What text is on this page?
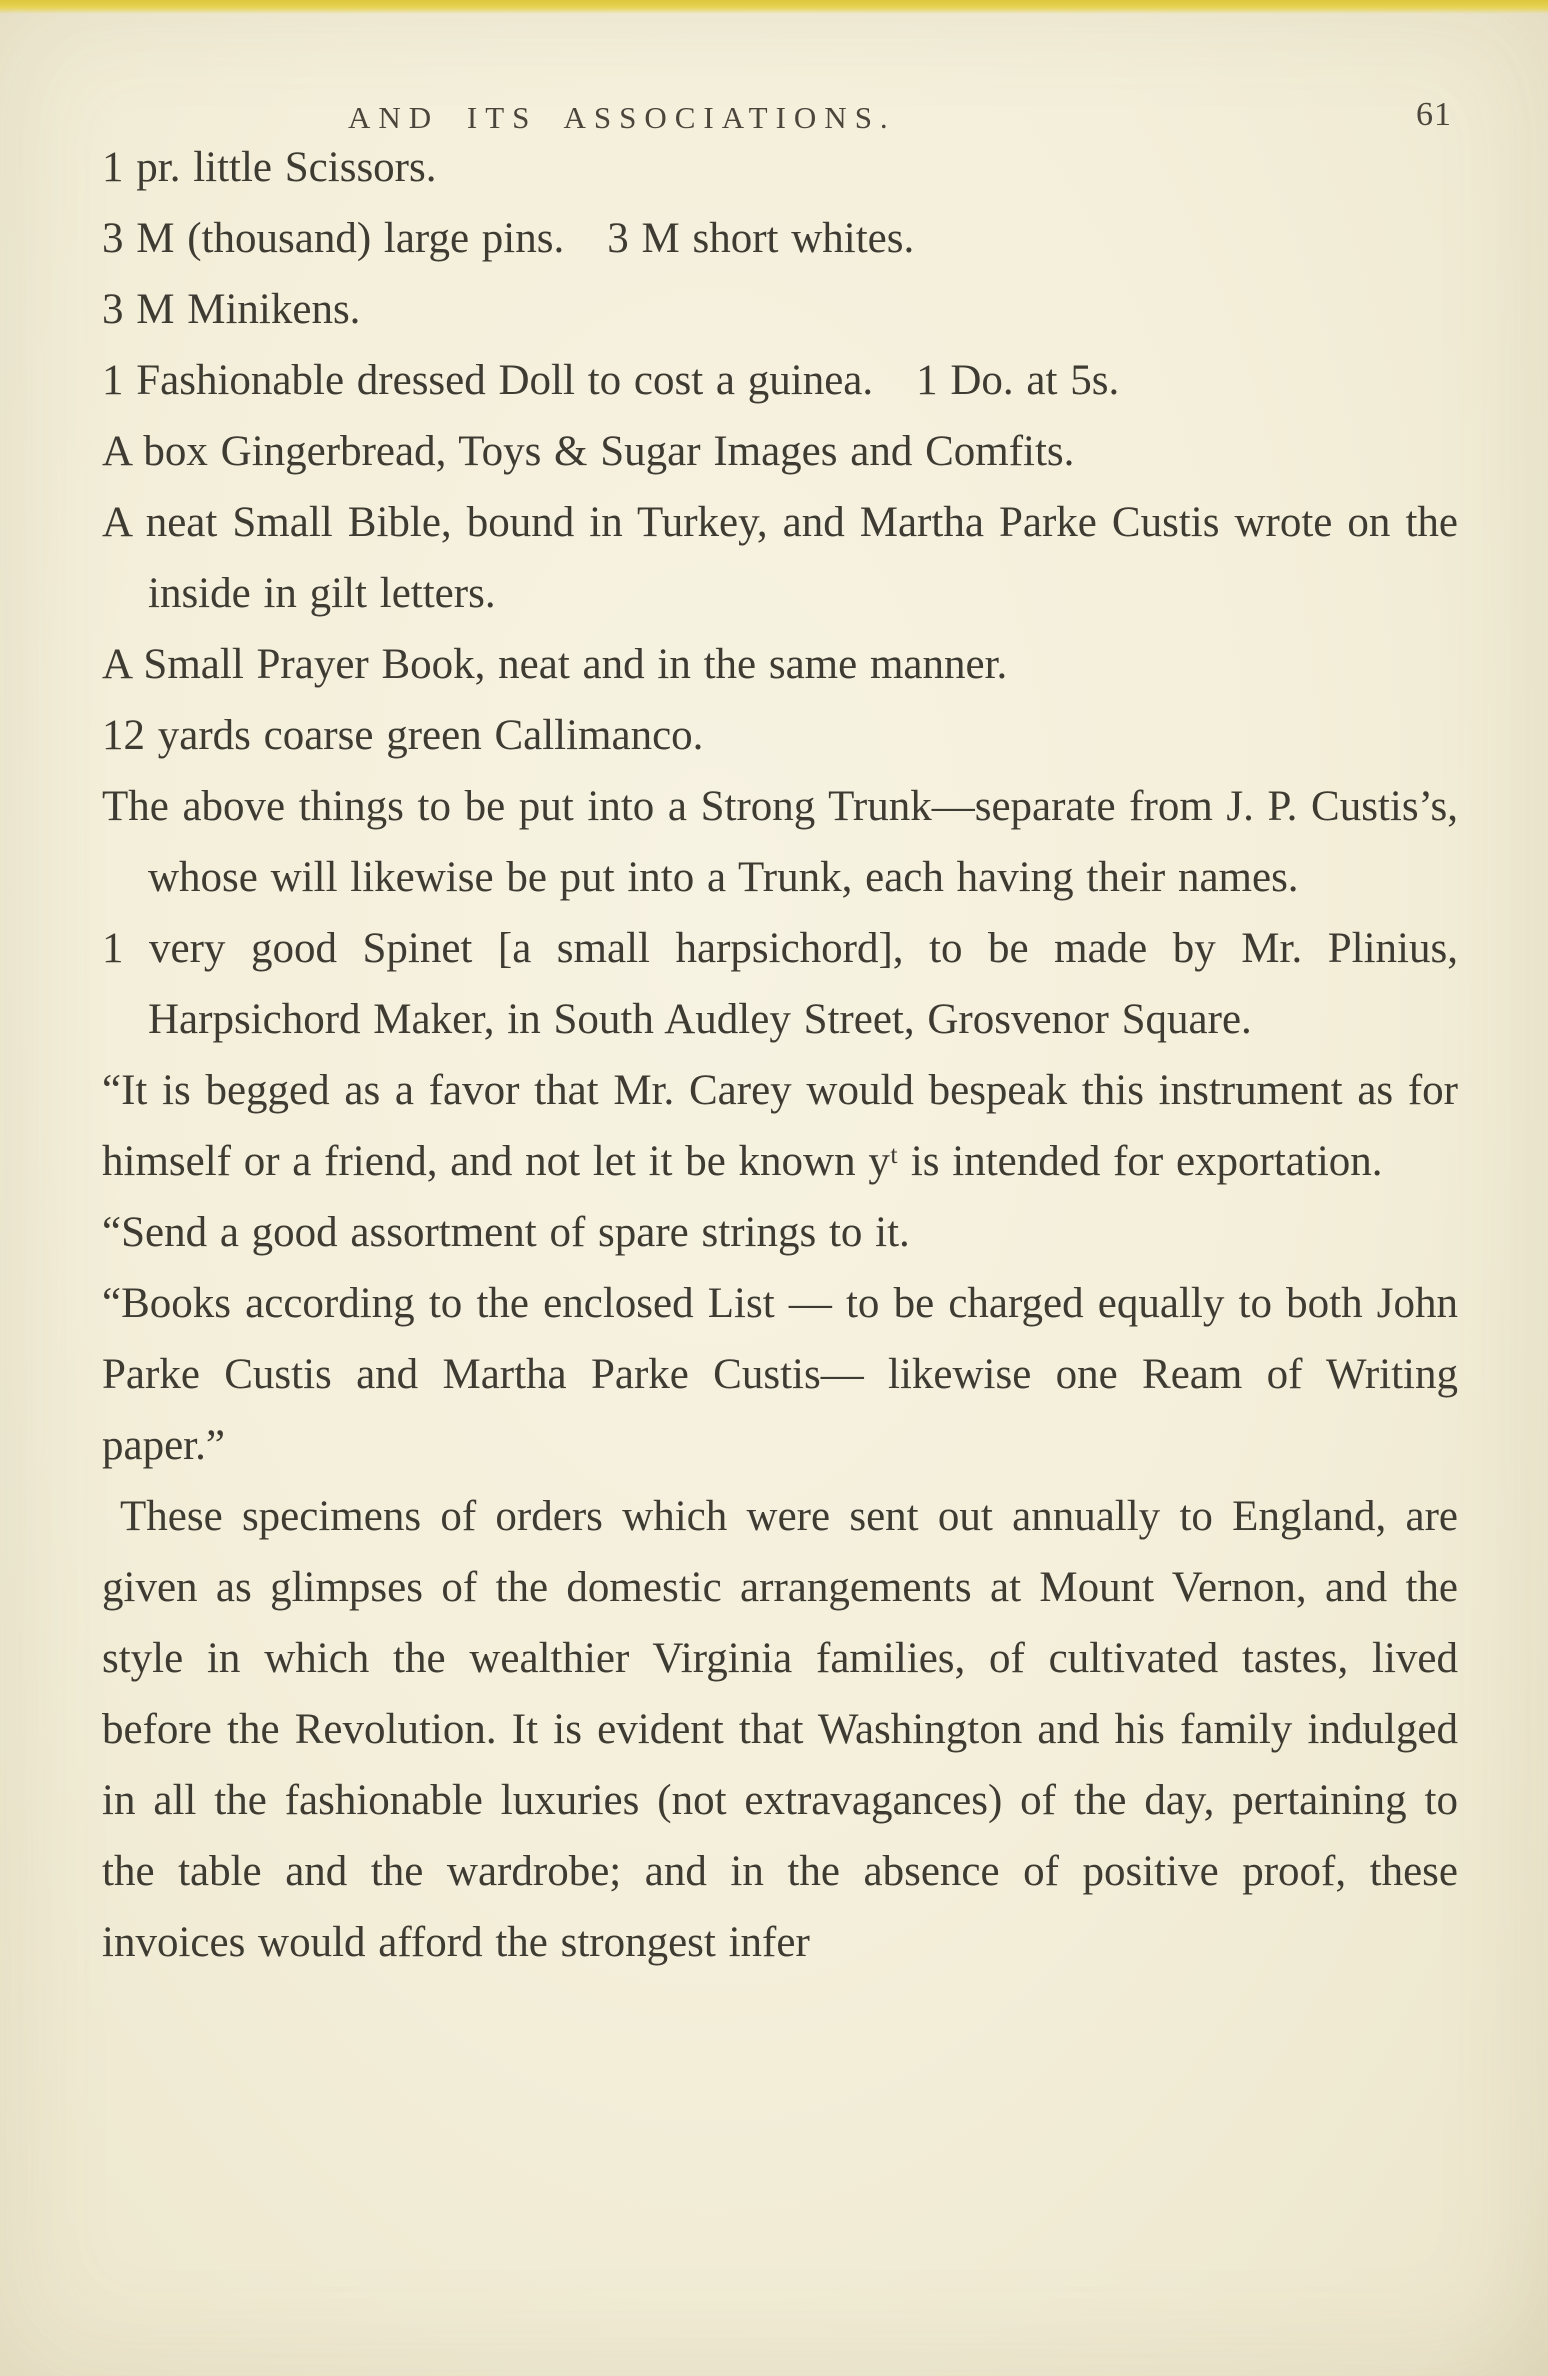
AND ITS ASSOCIATIONS.	61

1 pr. little Scissors.

3 M (thousand) large pins. 3 M short whites.

3 M Minikens.

1 Fashionable dressed Doll to cost a guinea. 1 Do. at 5s.

A box Gingerbread, Toys & Sugar Images and Comfits.

A neat Small Bible, bound in Turkey, and Martha Parke Custis wrote on the inside in gilt letters.

A Small Prayer Book, neat and in the same manner.

12 yards coarse green Callimanco.

The above things to be put into a Strong Trunk—separate from J. P. Custis’s, whose will likewise be put into a Trunk, each having their names.

1 very good Spinet [a small harpsichord], to be made by Mr. Plinius, Harpsichord Maker, in South Audley Street, Grosvenor Square.

“It is begged as a favor that Mr. Carey would bespeak this instrument as for himself or a friend, and not let it be known yᵗ is intended for exportation.

“Send a good assortment of spare strings to it.

“Books according to the enclosed List — to be charged equally to both John Parke Custis and Martha Parke Custis— likewise one Ream of Writing paper.”

These specimens of orders which were sent out annually to England, are given as glimpses of the domestic arrangements at Mount Vernon, and the style in which the wealthier Virginia families, of cultivated tastes, lived before the Revolution. It is evident that Washington and his family indulged in all the fashionable luxuries (not extravagances) of the day, pertaining to the table and the wardrobe; and in the absence of positive proof, these invoices would afford the strongest infer
